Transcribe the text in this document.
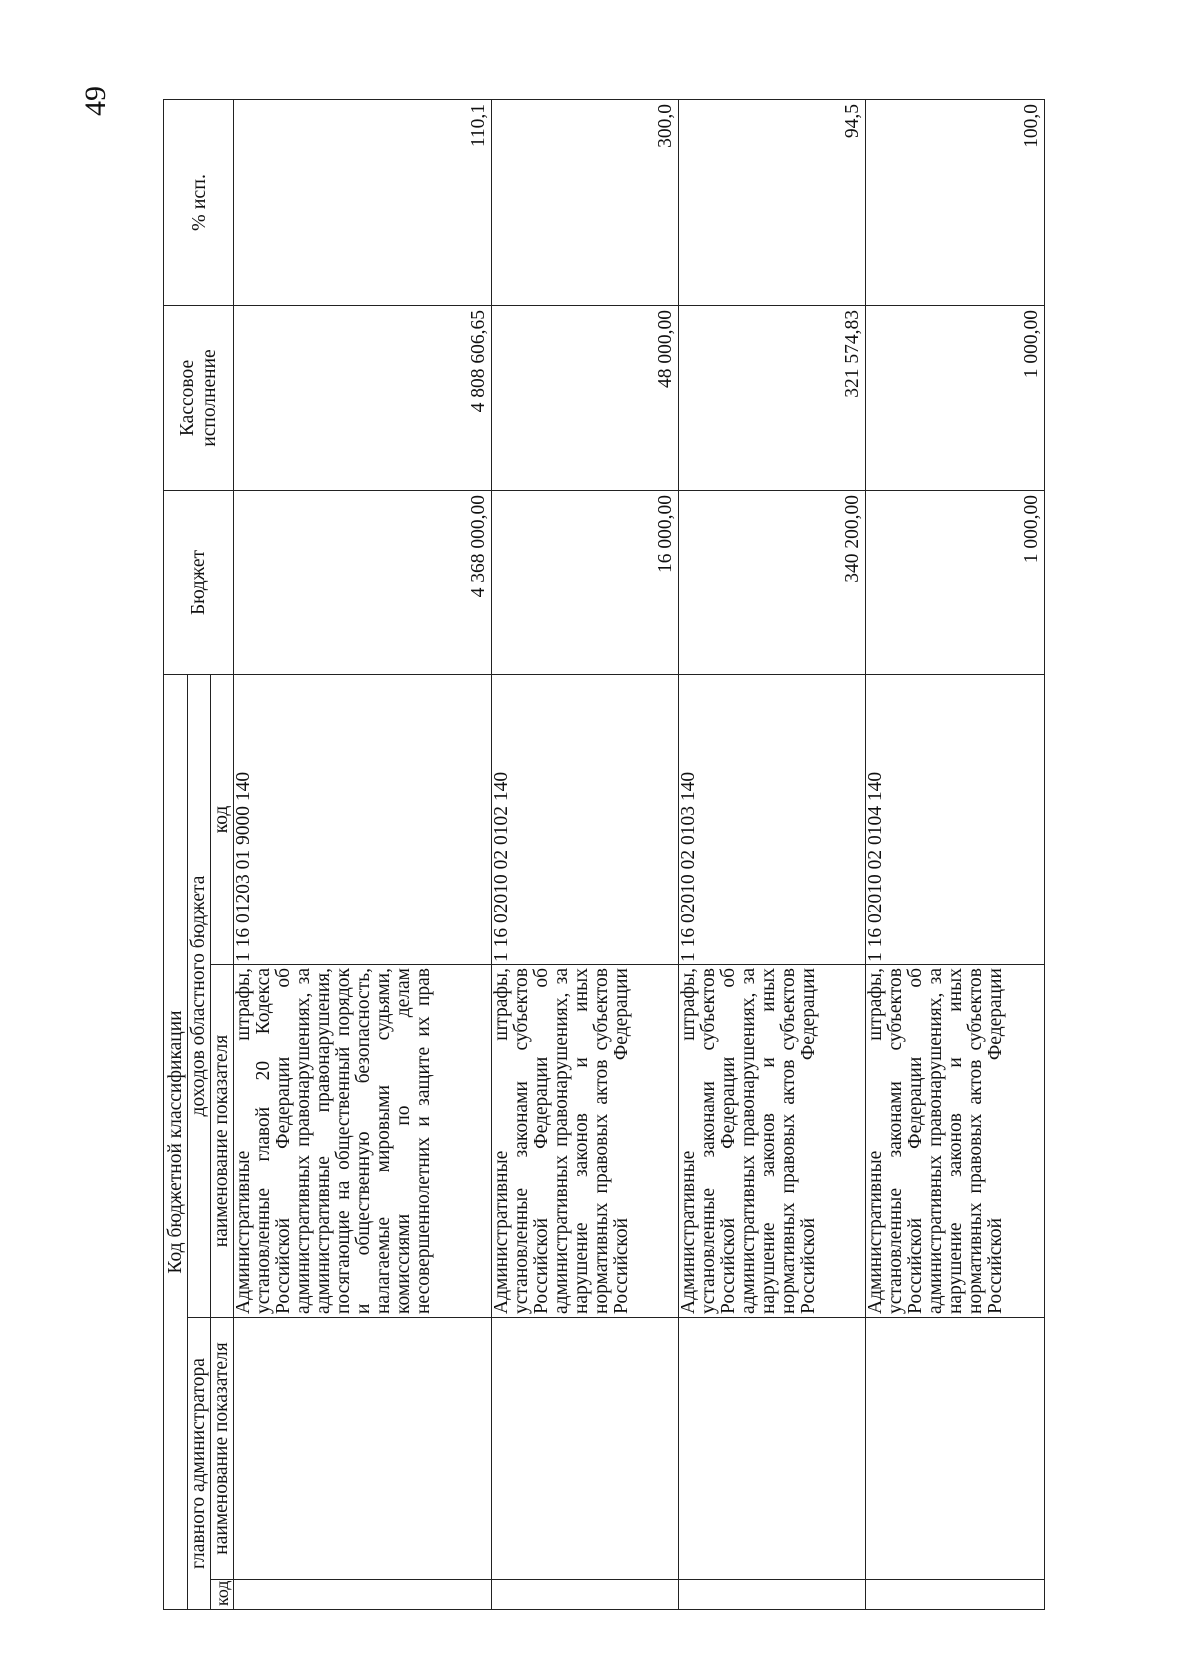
49
Код бюджетной классификации				Бюджет	Кассовое исполнение	% исп.
главного администратора		доходов областного бюджета				
код	наименование показателя	наименование показателя	код			
		Административные штрафы, установленные главой 20 Кодекса Российской Федерации об административных правонарушениях, за административные правонарушения, посягающие на общественный порядок и общественную безопасность, налагаемые мировыми судьями, комиссиями по делам несовершеннолетних и защите их прав	1 16 01203 01 9000 140	4 368 000,00	4 808 606,65	110,1
		Административные штрафы, установленные законами субъектов Российской Федерации об административных правонарушениях, за нарушение законов и иных нормативных правовых актов субъектов Российской Федерации	1 16 02010 02 0102 140	16 000,00	48 000,00	300,0
		Административные штрафы, установленные законами субъектов Российской Федерации об административных правонарушениях, за нарушение законов и иных нормативных правовых актов субъектов Российской Федерации	1 16 02010 02 0103 140	340 200,00	321 574,83	94,5
		Административные штрафы, установленные законами субъектов Российской Федерации об административных правонарушениях, за нарушение законов и иных нормативных правовых актов субъектов Российской Федерации	1 16 02010 02 0104 140	1 000,00	1 000,00	100,0
